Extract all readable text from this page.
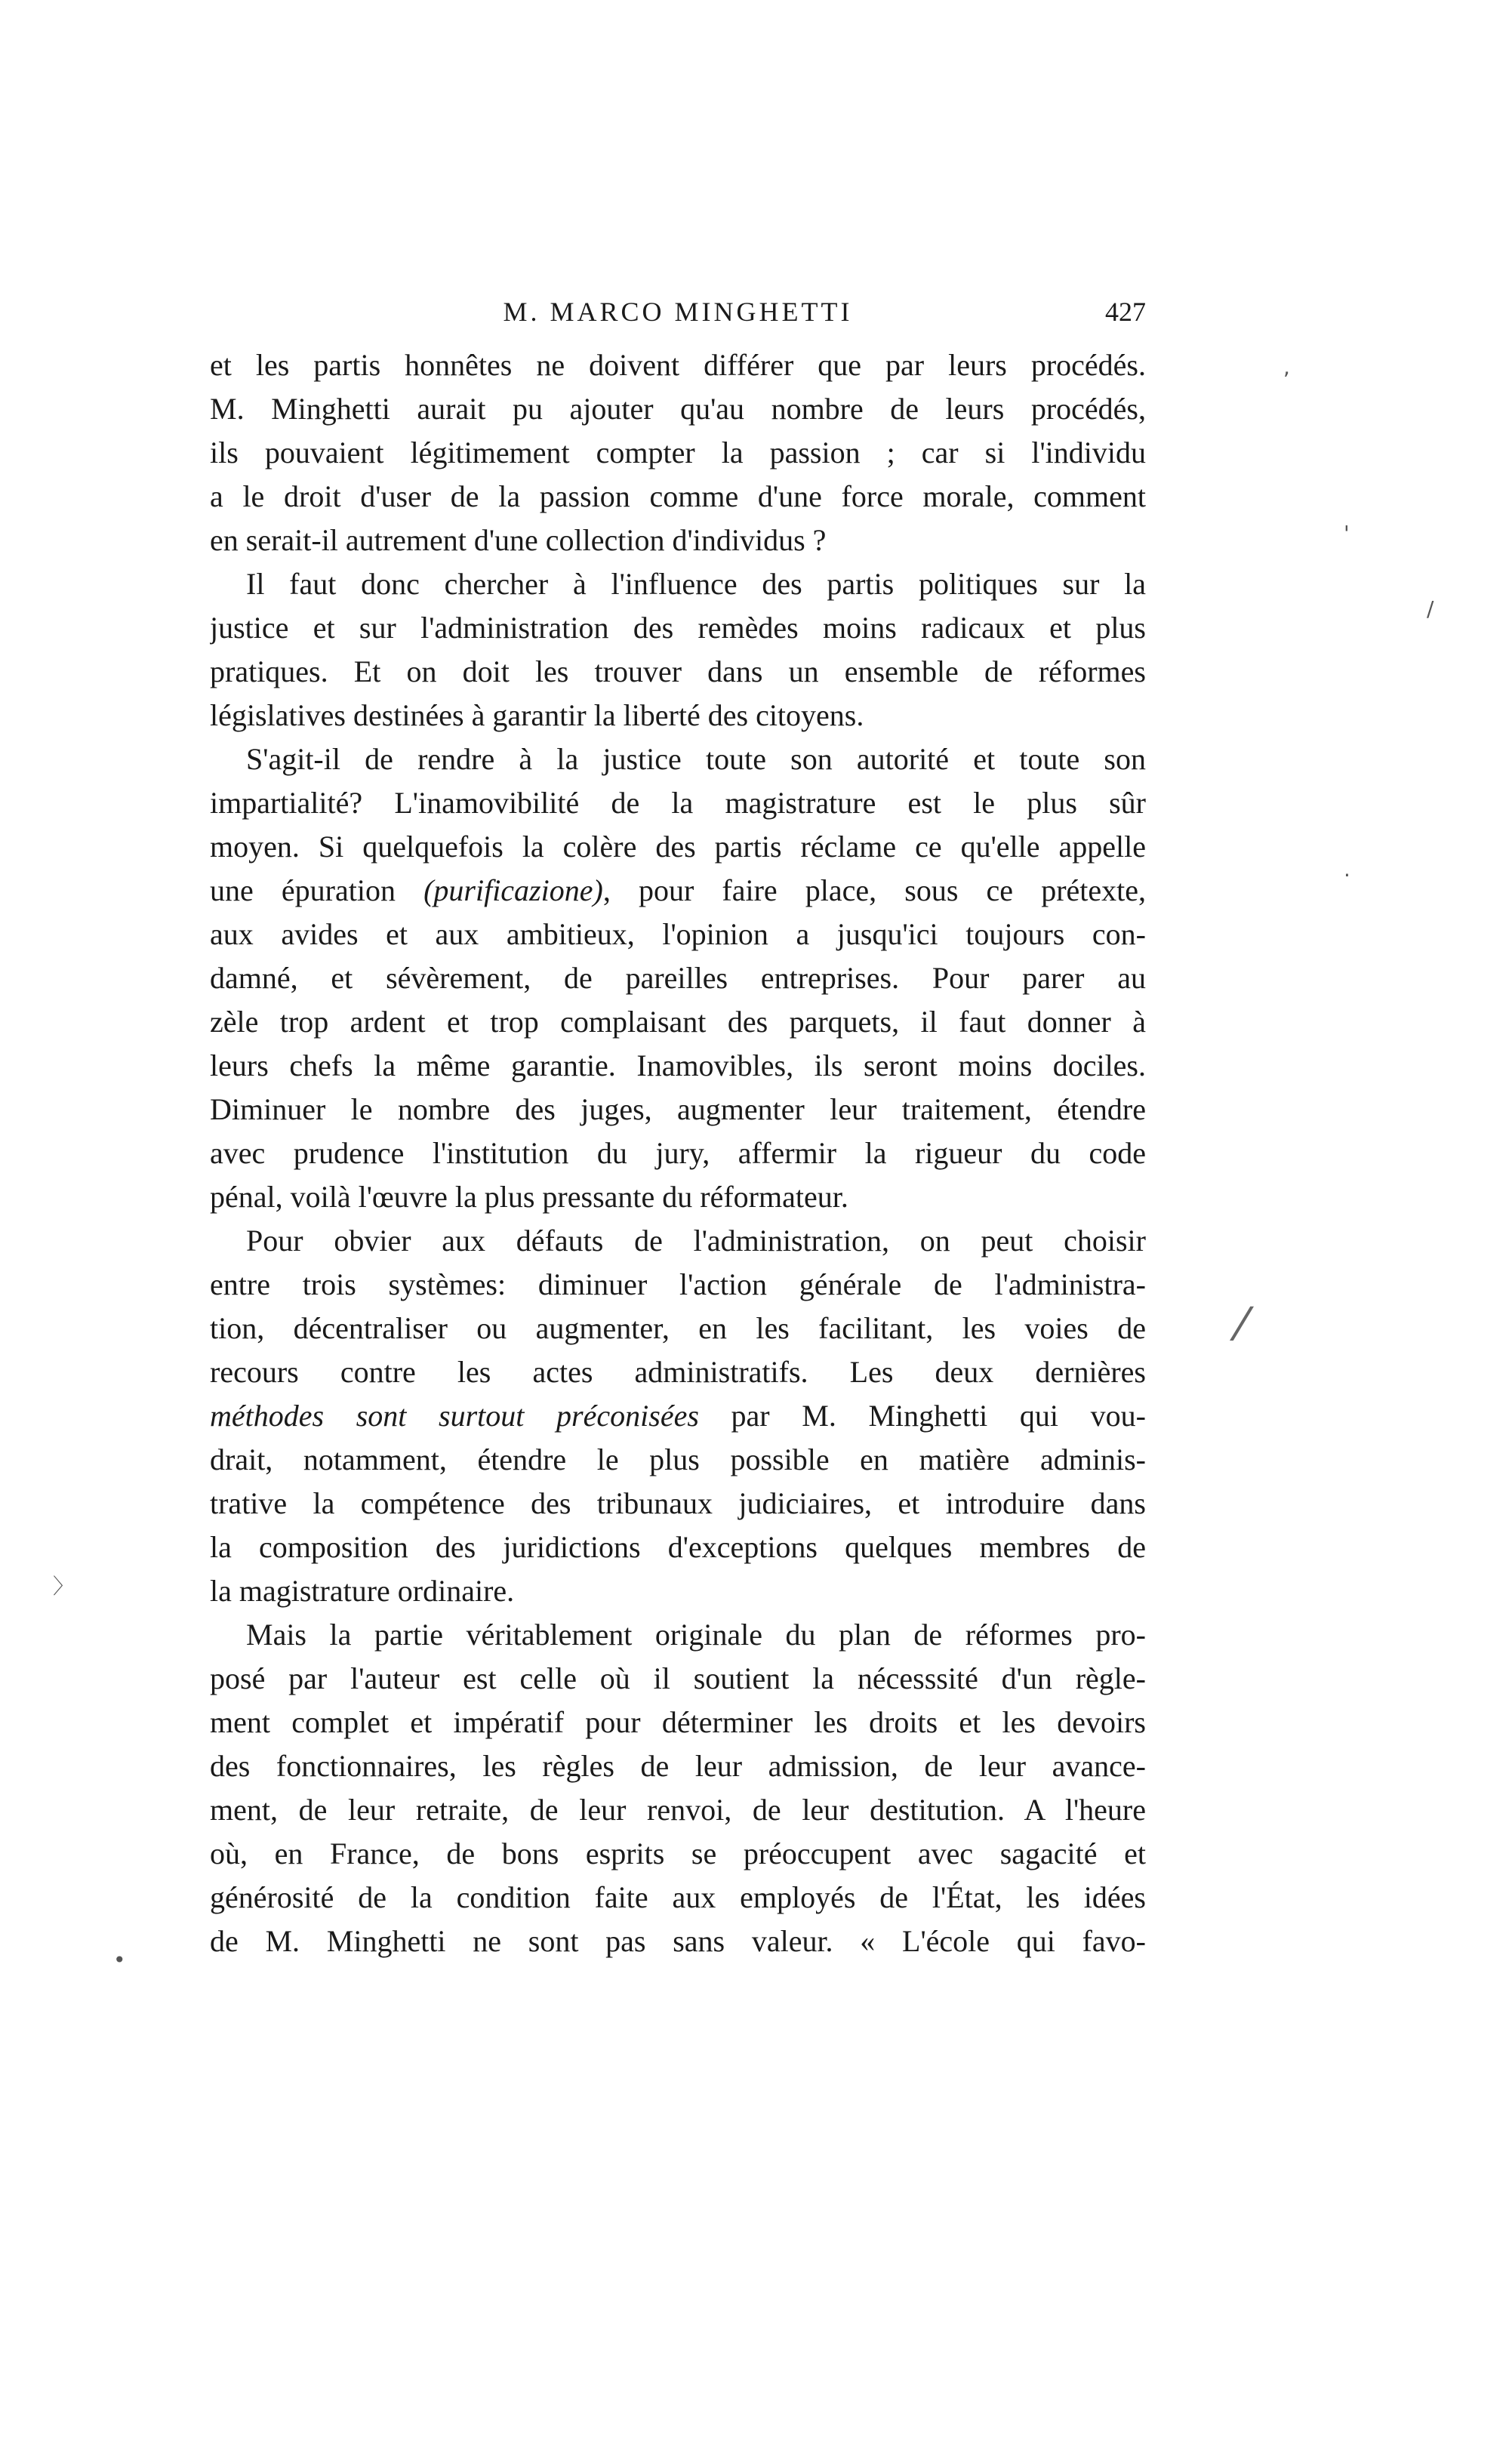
M. MARCO MINGHETTI	427
et les partis honnêtes ne doivent différer que par leurs procédés.
M. Minghetti aurait pu ajouter qu'au nombre de leurs procédés,
ils pouvaient légitimement compter la passion ; car si l'individu
a le droit d'user de la passion comme d'une force morale, comment
en serait-il autrement d'une collection d'individus ?
Il faut donc chercher à l'influence des partis politiques sur la
justice et sur l'administration des remèdes moins radicaux et plus
pratiques. Et on doit les trouver dans un ensemble de réformes
législatives destinées à garantir la liberté des citoyens.
S'agit-il de rendre à la justice toute son autorité et toute son
impartialité? L'inamovibilité de la magistrature est le plus sûr
moyen. Si quelquefois la colère des partis réclame ce qu'elle appelle
une épuration (purificazione), pour faire place, sous ce prétexte,
aux avides et aux ambitieux, l'opinion a jusqu'ici toujours con-
damné, et sévèrement, de pareilles entreprises. Pour parer au
zèle trop ardent et trop complaisant des parquets, il faut donner à
leurs chefs la même garantie. Inamovibles, ils seront moins dociles.
Diminuer le nombre des juges, augmenter leur traitement, étendre
avec prudence l'institution du jury, affermir la rigueur du code
pénal, voilà l'œuvre la plus pressante du réformateur.
Pour obvier aux défauts de l'administration, on peut choisir
entre trois systèmes: diminuer l'action générale de l'administra-
tion, décentraliser ou augmenter, en les facilitant, les voies de
recours contre les actes administratifs. Les deux dernières
méthodes sont surtout préconisées par M. Minghetti qui vou-
drait, notamment, étendre le plus possible en matière adminis-
trative la compétence des tribunaux judiciaires, et introduire dans
la composition des juridictions d'exceptions quelques membres de
la magistrature ordinaire.
Mais la partie véritablement originale du plan de réformes pro-
posé par l'auteur est celle où il soutient la nécesssité d'un règle-
ment complet et impératif pour déterminer les droits et les devoirs
des fonctionnaires, les règles de leur admission, de leur avance-
ment, de leur retraite, de leur renvoi, de leur destitution. A l'heure
où, en France, de bons esprits se préoccupent avec sagacité et
générosité de la condition faite aux employés de l'État, les idées
de M. Minghetti ne sont pas sans valeur. « L'école qui favo-
,
'
/
.
⁄
〉
•
